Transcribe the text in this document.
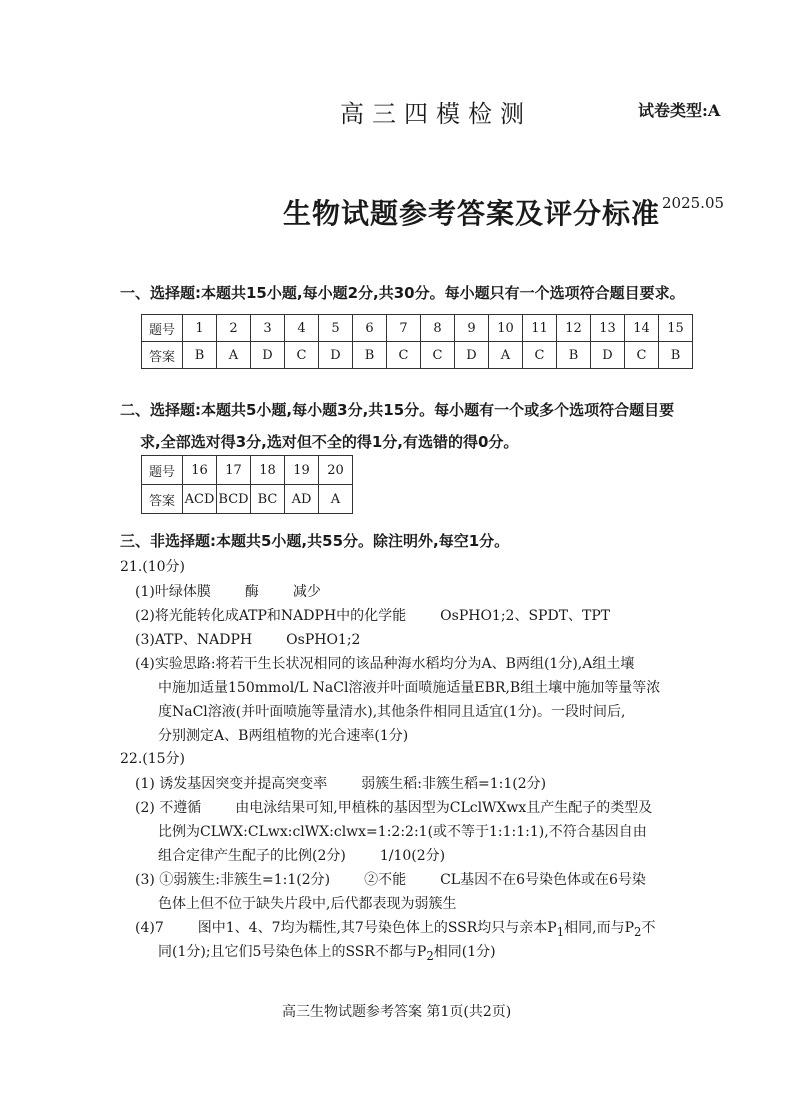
高三四模检测	试卷类型:A
生物试题参考答案及评分标准 2025.05
一、选择题:本题共15小题,每小题2分,共30分。每小题只有一个选项符合题目要求。
题号	1	2	3	4	5	6	7	8	9	10	11	12	13	14	15
答案	B	A	D	C	D	B	C	C	D	A	C	B	D	C	B
二、选择题:本题共5小题,每小题3分,共15分。每小题有一个或多个选项符合题目要
求,全部选对得3分,选对但不全的得1分,有选错的得0分。
题号	16	17	18	19	20
答案	ACD	BCD	BC	AD	A
三、非选择题:本题共5小题,共55分。除注明外,每空1分。
21.(10分)
(1)叶绿体膜 酶 减少
(2)将光能转化成ATP和NADPH中的化学能 OsPHO1;2、SPDT、TPT
(3)ATP、NADPH OsPHO1;2
(4)实验思路:将若干生长状况相同的该品种海水稻均分为A、B两组(1分),A组土壤
中施加适量150mmol/L NaCl溶液并叶面喷施适量EBR,B组土壤中施加等量等浓
度NaCl溶液(并叶面喷施等量清水),其他条件相同且适宜(1分)。一段时间后,
分别测定A、B两组植物的光合速率(1分)
22.(15分)
(1) 诱发基因突变并提高突变率 弱簇生稻:非簇生稻=1:1(2分)
(2) 不遵循 由电泳结果可知,甲植株的基因型为CLclWXwx且产生配子的类型及
比例为CLWX:CLwx:clWX:clwx=1:2:2:1(或不等于1:1:1:1),不符合基因自由
组合定律产生配子的比例(2分) 1/10(2分)
(3) ①弱簇生:非簇生=1:1(2分) ②不能 CL基因不在6号染色体或在6号染
色体上但不位于缺失片段中,后代都表现为弱簇生
(4)7 图中1、4、7均为糯性,其7号染色体上的SSR均只与亲本$P_1$相同,而与$P_2$不
同(1分);且它们5号染色体上的SSR不都与$P_2$相同(1分)
高三生物试题参考答案 第1页(共2页)
